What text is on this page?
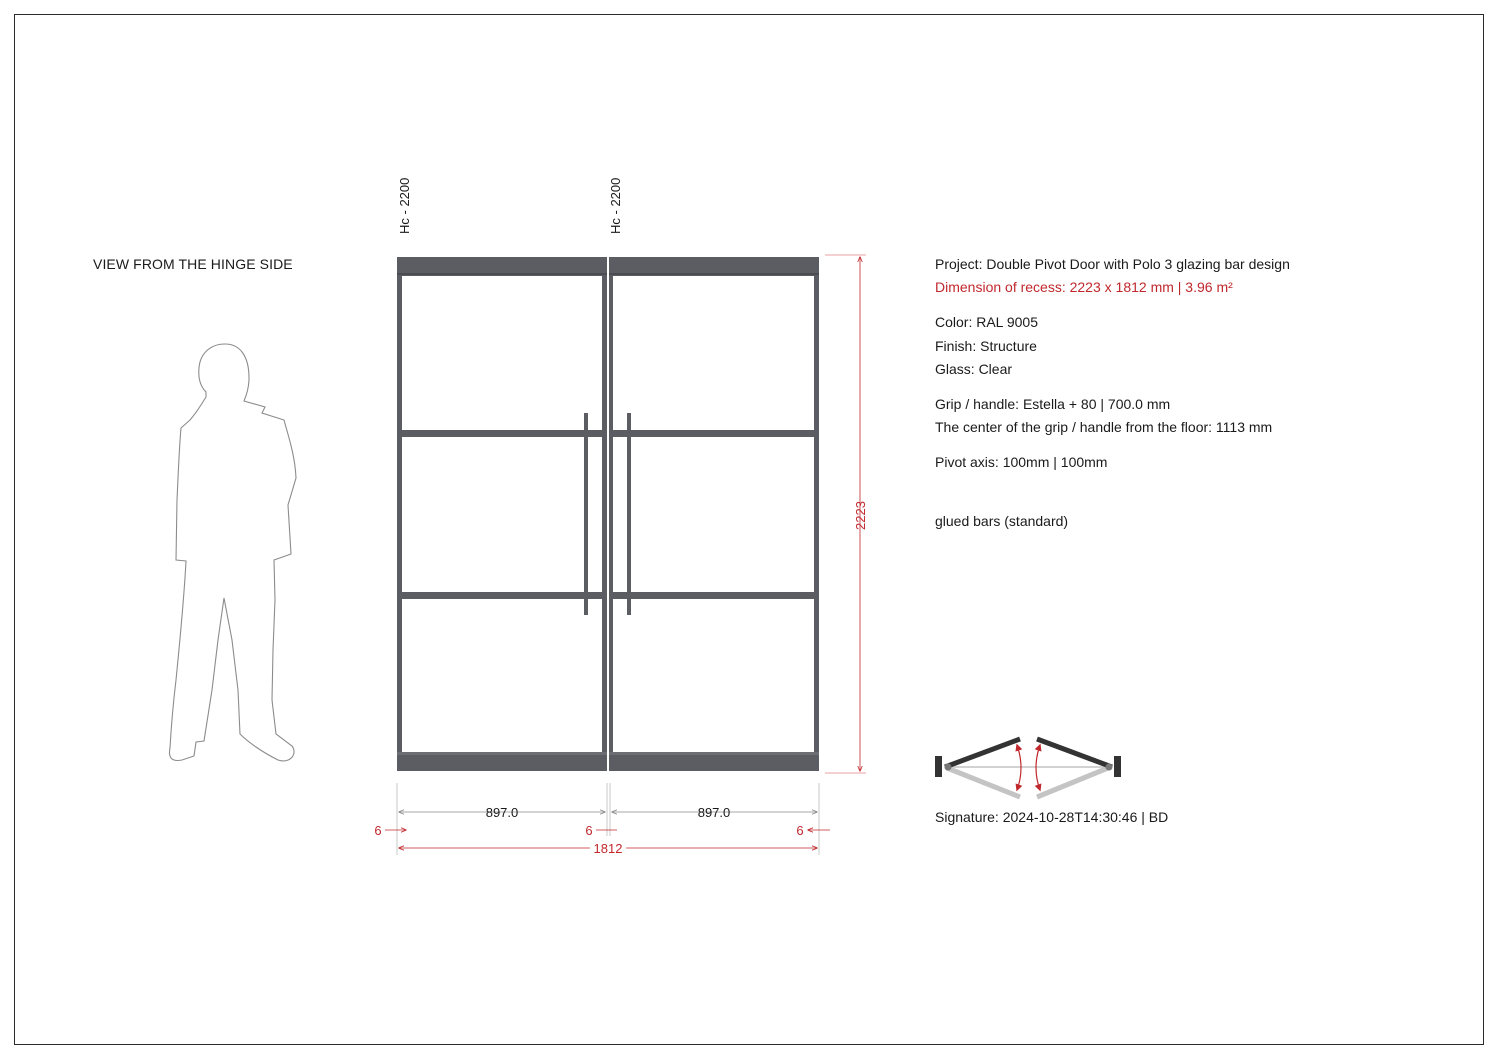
VIEW FROM THE HINGE SIDE	Project: Double Pivot Door with Polo 3 glazing bar design
Dimension of recess: 2223 x 1812 mm | 3.96 m²
Color: RAL 9005
Finish: Structure
Glass: Clear
Grip / handle: Estella + 80 | 700.0 mm
The center of the grip / handle from the floor: 1113 mm
Pivot axis: 100mm | 100mm
glued bars (standard)
Signature: 2024-10-28T14:30:46 | BD
Hc - 2200	Hc - 2200
2223
897.0	897.0
6	6	6
1812
